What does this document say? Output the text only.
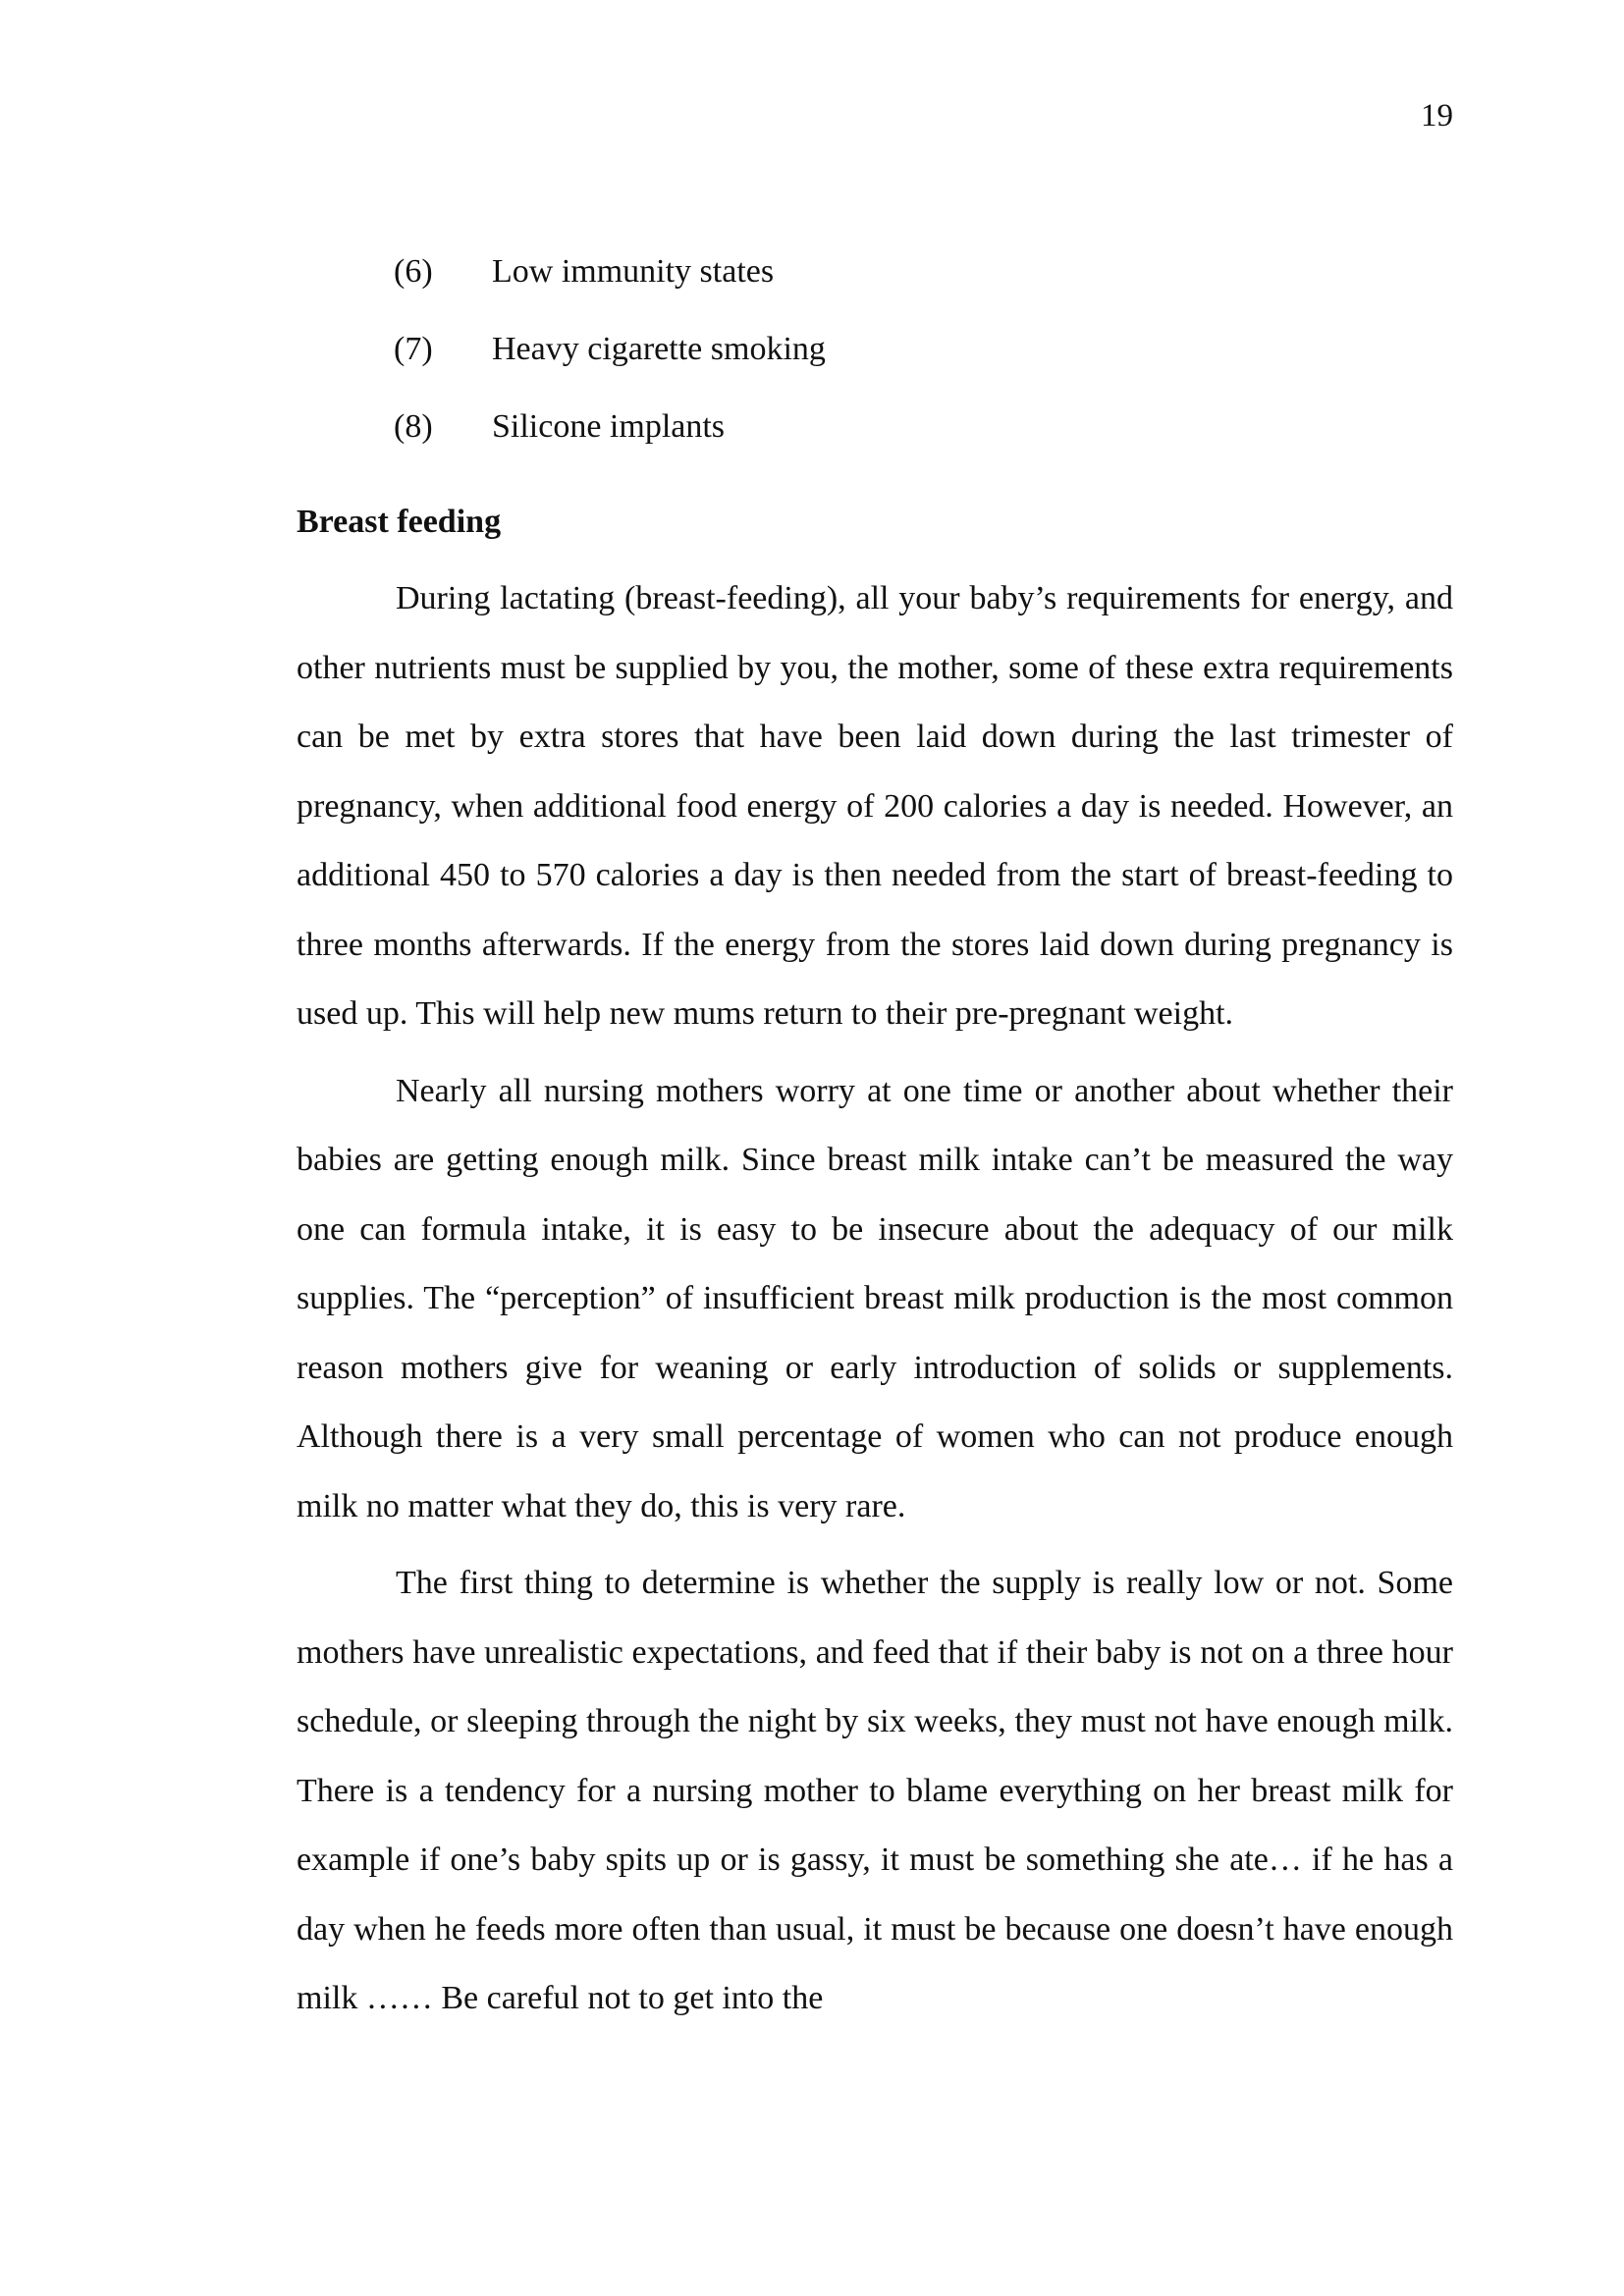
19
(6)	Low immunity states
(7)	Heavy cigarette smoking
(8)	Silicone implants
Breast feeding

During lactating (breast-feeding), all your baby’s requirements for energy, and other nutrients must be supplied by you, the mother, some of these extra requirements can be met by extra stores that have been laid down during the last trimester of pregnancy, when additional food energy of 200 calories a day is needed. However, an additional 450 to 570 calories a day is then needed from the start of breast-feeding to three months afterwards. If the energy from the stores laid down during pregnancy is used up. This will help new mums return to their pre-pregnant weight.

Nearly all nursing mothers worry at one time or another about whether their babies are getting enough milk. Since breast milk intake can’t be measured the way one can formula intake, it is easy to be insecure about the adequacy of our milk supplies. The “perception” of insufficient breast milk production is the most common reason mothers give for weaning or early introduction of solids or supplements. Although there is a very small percentage of women who can not produce enough milk no matter what they do, this is very rare.

The first thing to determine is whether the supply is really low or not. Some mothers have unrealistic expectations, and feed that if their baby is not on a three hour schedule, or sleeping through the night by six weeks, they must not have enough milk. There is a tendency for a nursing mother to blame everything on her breast milk for example if one’s baby spits up or is gassy, it must be something she ate… if he has a day when he feeds more often than usual, it must be because one doesn’t have enough milk …… Be careful not to get into the
